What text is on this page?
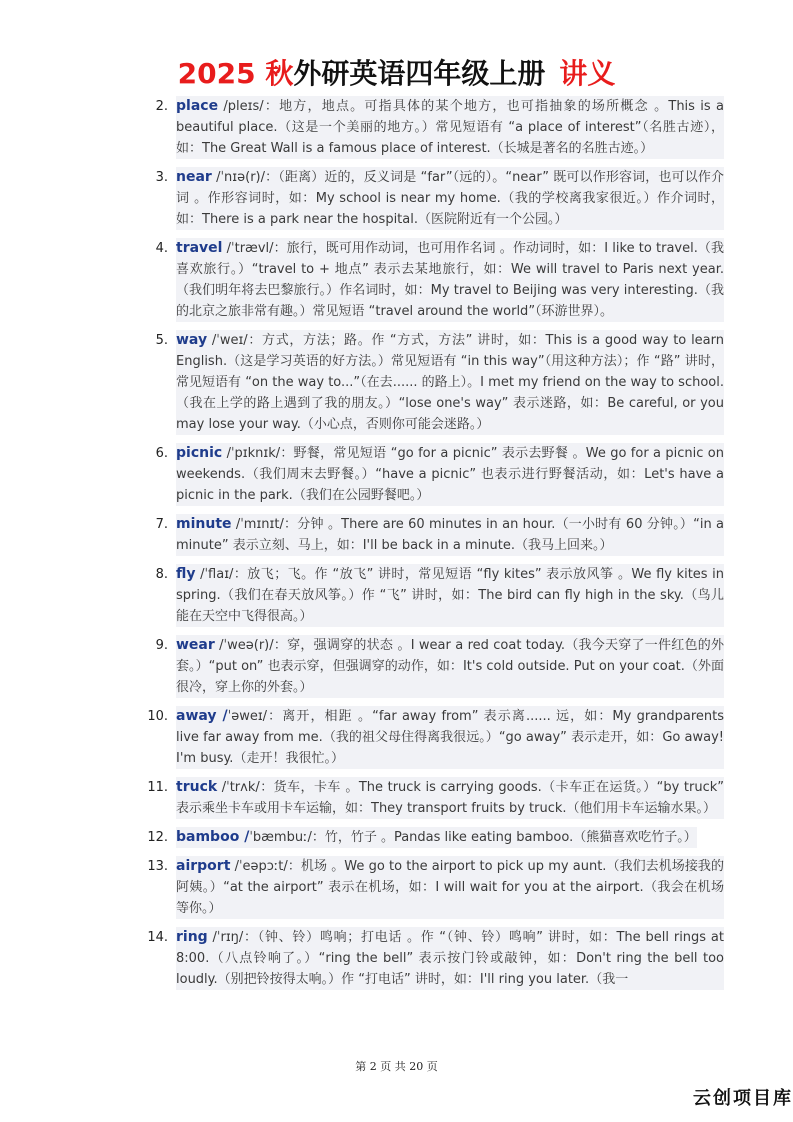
2025 秋外研英语四年级上册 讲义
2. place /pleɪs/：地方，地点。可指具体的某个地方，也可指抽象的场所概念 。This is a beautiful place.（这是一个美丽的地方。）常见短语有 “a place of interest”（名胜古迹），如：The Great Wall is a famous place of interest.（长城是著名的名胜古迹。）
3. near /ˈnɪə(r)/：（距离）近的，反义词是 “far”（远的）。“near” 既可以作形容词，也可以作介词 。作形容词时，如：My school is near my home.（我的学校离我家很近。）作介词时，如：There is a park near the hospital.（医院附近有一个公园。）
4. travel /ˈtrævl/：旅行，既可用作动词，也可用作名词 。作动词时，如：I like to travel.（我喜欢旅行。）“travel to + 地点” 表示去某地旅行，如：We will travel to Paris next year.（我们明年将去巴黎旅行。）作名词时，如：My travel to Beijing was very interesting.（我的北京之旅非常有趣。）常见短语 “travel around the world”（环游世界）。
5. way /ˈweɪ/：方式，方法；路。作 “方式，方法” 讲时，如：This is a good way to learn English.（这是学习英语的好方法。）常见短语有 “in this way”（用这种方法）；作 “路” 讲时，常见短语有 “on the way to...”（在去...... 的路上）。I met my friend on the way to school.（我在上学的路上遇到了我的朋友。）“lose one's way” 表示迷路，如：Be careful, or you may lose your way.（小心点，否则你可能会迷路。）
6. picnic /ˈpɪknɪk/：野餐，常见短语 “go for a picnic” 表示去野餐 。We go for a picnic on weekends.（我们周末去野餐。）“have a picnic” 也表示进行野餐活动，如：Let's have a picnic in the park.（我们在公园野餐吧。）
7. minute /ˈmɪnɪt/：分钟 。There are 60 minutes in an hour.（一小时有 60 分钟。）“in a minute” 表示立刻、马上，如：I'll be back in a minute.（我马上回来。）
8. fly /ˈflaɪ/：放飞；飞。作 “放飞” 讲时，常见短语 “fly kites” 表示放风筝 。We fly kites in spring.（我们在春天放风筝。）作 “飞” 讲时，如：The bird can fly high in the sky.（鸟儿能在天空中飞得很高。）
9. wear /ˈweə(r)/：穿，强调穿的状态 。I wear a red coat today.（我今天穿了一件红色的外套。）“put on” 也表示穿，但强调穿的动作，如：It's cold outside. Put on your coat.（外面很冷，穿上你的外套。）
10. away /ˈəweɪ/：离开，相距 。“far away from” 表示离...... 远，如：My grandparents live far away from me.（我的祖父母住得离我很远。）“go away” 表示走开，如：Go away! I'm busy.（走开！我很忙。）
11. truck /ˈtrʌk/：货车，卡车 。The truck is carrying goods.（卡车正在运货。）“by truck” 表示乘坐卡车或用卡车运输，如：They transport fruits by truck.（他们用卡车运输水果。）
12. bamboo /ˈbæmbuː/：竹，竹子 。Pandas like eating bamboo.（熊猫喜欢吃竹子。）
13. airport /ˈeəpɔːt/：机场 。We go to the airport to pick up my aunt.（我们去机场接我的阿姨。）“at the airport” 表示在机场，如：I will wait for you at the airport.（我会在机场等你。）
14. ring /ˈrɪŋ/：（钟、铃）鸣响；打电话 。作 “（钟、铃）鸣响” 讲时，如：The bell rings at 8:00.（八点铃响了。）“ring the bell” 表示按门铃或敲钟，如：Don't ring the bell too loudly.（别把铃按得太响。）作 “打电话” 讲时，如：I'll ring you later.（我一
第 2 页 共 20 页
云创项目库
